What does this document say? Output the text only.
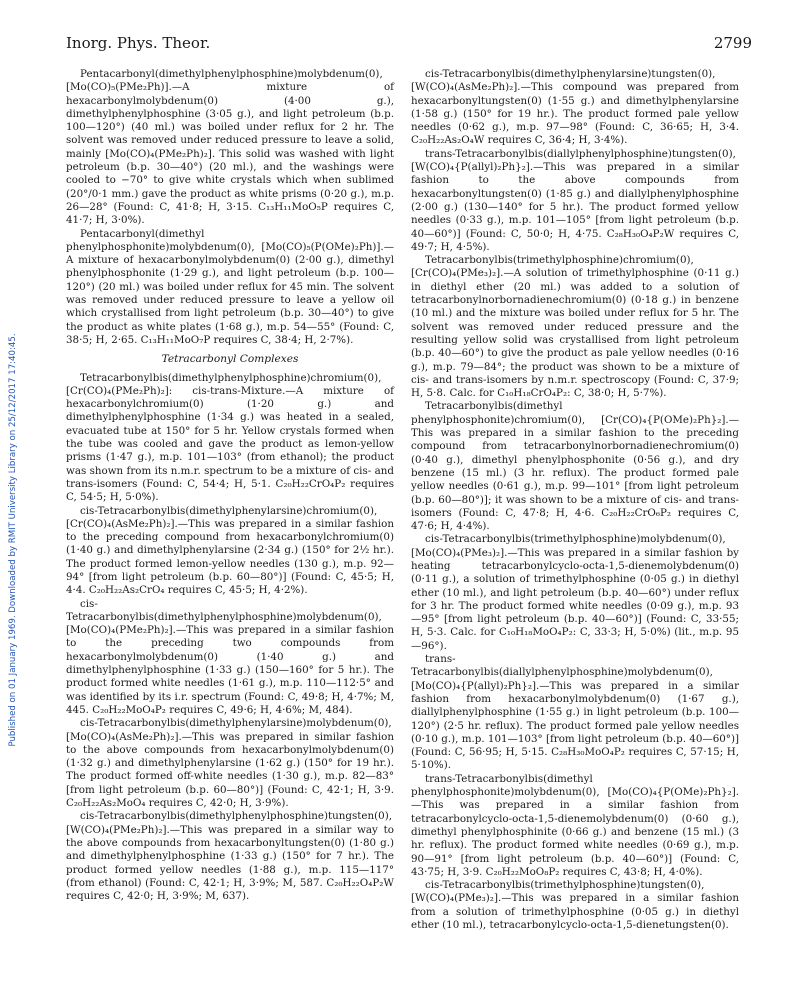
Inorg. Phys. Theor.	2799
Published on 01 January 1969. Downloaded by RMIT University Library on 25/12/2017 17:40:45.

Pentacarbonyl(dimethylphenylphosphine)molybdenum(0), [Mo(CO)₅(PMe₂Ph)].—A mixture of hexacarbonylmolybdenum(0) (4·00 g.), dimethylphenylphosphine (3·05 g.), and light petroleum (b.p. 100—120°) (40 ml.) was boiled under reflux for 2 hr. The solvent was removed under reduced pressure to leave a solid, mainly [Mo(CO)₄(PMe₂Ph)₂]. This solid was washed with light petroleum (b.p. 30—40°) (20 ml.), and the washings were cooled to −70° to give white crystals which when sublimed (20°/0·1 mm.) gave the product as white prisms (0·20 g.), m.p. 26—28° (Found: C, 41·8; H, 3·15. C₁₃H₁₁MoO₅P requires C, 41·7; H, 3·0%).

Pentacarbonyl(dimethyl phenylphosphonite)molybdenum(0), [Mo(CO)₅(P(OMe)₂Ph)].—A mixture of hexacarbonylmolybdenum(0) (2·00 g.), dimethyl phenylphosphonite (1·29 g.), and light petroleum (b.p. 100—120°) (20 ml.) was boiled under reflux for 45 min. The solvent was removed under reduced pressure to leave a yellow oil which crystallised from light petroleum (b.p. 30—40°) to give the product as white plates (1·68 g.), m.p. 54—55° (Found: C, 38·5; H, 2·65. C₁₃H₁₁MoO₇P requires C, 38·4; H, 2·7%).

Tetracarbonyl Complexes

Tetracarbonylbis(dimethylphenylphosphine)chromium(0), [Cr(CO)₄(PMe₂Ph)₂]: cis-trans-Mixture.—A mixture of hexacarbonylchromium(0) (1·20 g.) and dimethylphenylphosphine (1·34 g.) was heated in a sealed, evacuated tube at 150° for 5 hr. Yellow crystals formed when the tube was cooled and gave the product as lemon-yellow prisms (1·47 g.), m.p. 101—103° (from ethanol); the product was shown from its n.m.r. spectrum to be a mixture of cis- and trans-isomers (Found: C, 54·4; H, 5·1. C₂₀H₂₂CrO₄P₂ requires C, 54·5; H, 5·0%).

cis-Tetracarbonylbis(dimethylphenylarsine)chromium(0), [Cr(CO)₄(AsMe₂Ph)₂].—This was prepared in a similar fashion to the preceding compound from hexacarbonylchromium(0) (1·40 g.) and dimethylphenylarsine (2·34 g.) (150° for 2½ hr.). The product formed lemon-yellow needles (130 g.), m.p. 92—94° [from light petroleum (b.p. 60—80°)] (Found: C, 45·5; H, 4·4. C₂₀H₂₂As₂CrO₄ requires C, 45·5; H, 4·2%).

cis-Tetracarbonylbis(dimethylphenylphosphine)molybdenum(0), [Mo(CO)₄(PMe₂Ph)₂].—This was prepared in a similar fashion to the preceding two compounds from hexacarbonylmolybdenum(0) (1·40 g.) and dimethylphenylphosphine (1·33 g.) (150—160° for 5 hr.). The product formed white needles (1·61 g.), m.p. 110—112·5° and was identified by its i.r. spectrum (Found: C, 49·8; H, 4·7%; M, 445. C₂₀H₂₂MoO₄P₂ requires C, 49·6; H, 4·6%; M, 484).

cis-Tetracarbonylbis(dimethylphenylarsine)molybdenum(0), [Mo(CO)₄(AsMe₂Ph)₂].—This was prepared in similar fashion to the above compounds from hexacarbonylmolybdenum(0) (1·32 g.) and dimethylphenylarsine (1·62 g.) (150° for 19 hr.). The product formed off-white needles (1·30 g.), m.p. 82—83° [from light petroleum (b.p. 60—80°)] (Found: C, 42·1; H, 3·9. C₂₀H₂₂As₂MoO₄ requires C, 42·0; H, 3·9%).

cis-Tetracarbonylbis(dimethylphenylphosphine)tungsten(0), [W(CO)₄(PMe₂Ph)₂].—This was prepared in a similar way to the above compounds from hexacarbonyltungsten(0) (1·80 g.) and dimethylphenylphosphine (1·33 g.) (150° for 7 hr.). The product formed yellow needles (1·88 g.), m.p. 115—117° (from ethanol) (Found: C, 42·1; H, 3·9%; M, 587. C₂₀H₂₂O₄P₂W requires C, 42·0; H, 3·9%; M, 637).

cis-Tetracarbonylbis(dimethylphenylarsine)tungsten(0), [W(CO)₄(AsMe₂Ph)₂].—This compound was prepared from hexacarbonyltungsten(0) (1·55 g.) and dimethylphenylarsine (1·58 g.) (150° for 19 hr.). The product formed pale yellow needles (0·62 g.), m.p. 97—98° (Found: C, 36·65; H, 3·4. C₂₀H₂₂As₂O₄W requires C, 36·4; H, 3·4%).

trans-Tetracarbonylbis(diallylphenylphosphine)tungsten(0), [W(CO)₄{P(allyl)₂Ph}₂].—This was prepared in a similar fashion to the above compounds from hexacarbonyltungsten(0) (1·85 g.) and diallylphenylphosphine (2·00 g.) (130—140° for 5 hr.). The product formed yellow needles (0·33 g.), m.p. 101—105° [from light petroleum (b.p. 40—60°)] (Found: C, 50·0; H, 4·75. C₂₈H₃₀O₄P₂W requires C, 49·7; H, 4·5%).

Tetracarbonylbis(trimethylphosphine)chromium(0), [Cr(CO)₄(PMe₃)₂].—A solution of trimethylphosphine (0·11 g.) in diethyl ether (20 ml.) was added to a solution of tetracarbonylnorbornadienechromium(0) (0·18 g.) in benzene (10 ml.) and the mixture was boiled under reflux for 5 hr. The solvent was removed under reduced pressure and the resulting yellow solid was crystallised from light petroleum (b.p. 40—60°) to give the product as pale yellow needles (0·16 g.), m.p. 79—84°; the product was shown to be a mixture of cis- and trans-isomers by n.m.r. spectroscopy (Found: C, 37·9; H, 5·8. Calc. for C₁₀H₁₈CrO₄P₂: C, 38·0; H, 5·7%).

Tetracarbonylbis(dimethyl phenylphosphonite)chromium(0), [Cr(CO)₄{P(OMe)₂Ph}₂].—This was prepared in a similar fashion to the preceding compound from tetracarbonylnorbornadienechromium(0) (0·40 g.), dimethyl phenylphosphonite (0·56 g.), and dry benzene (15 ml.) (3 hr. reflux). The product formed pale yellow needles (0·61 g.), m.p. 99—101° [from light petroleum (b.p. 60—80°)]; it was shown to be a mixture of cis- and trans-isomers (Found: C, 47·8; H, 4·6. C₂₀H₂₂CrO₆P₂ requires C, 47·6; H, 4·4%).

cis-Tetracarbonylbis(trimethylphosphine)molybdenum(0), [Mo(CO)₄(PMe₃)₂].—This was prepared in a similar fashion by heating tetracarbonylcyclo-octa-1,5-dienemolybdenum(0) (0·11 g.), a solution of trimethylphosphine (0·05 g.) in diethyl ether (10 ml.), and light petroleum (b.p. 40—60°) under reflux for 3 hr. The product formed white needles (0·09 g.), m.p. 93—95° [from light petroleum (b.p. 40—60°)] (Found: C, 33·55; H, 5·3. Calc. for C₁₀H₁₈MoO₄P₂: C, 33·3; H, 5·0%) (lit., m.p. 95—96°).

trans-Tetracarbonylbis(diallylphenylphosphine)molybdenum(0), [Mo(CO)₄{P(allyl)₂Ph}₂].—This was prepared in a similar fashion from hexacarbonylmolybdenum(0) (1·67 g.), diallylphenylphosphine (1·55 g.) in light petroleum (b.p. 100—120°) (2·5 hr. reflux). The product formed pale yellow needles (0·10 g.), m.p. 101—103° [from light petroleum (b.p. 40—60°)] (Found: C, 56·95; H, 5·15. C₂₈H₃₀MoO₄P₂ requires C, 57·15; H, 5·10%).

trans-Tetracarbonylbis(dimethyl phenylphosphonite)molybdenum(0), [Mo(CO)₄{P(OMe)₂Ph}₂].—This was prepared in a similar fashion from tetracarbonylcyclo-octa-1,5-dienemolybdenum(0) (0·60 g.), dimethyl phenylphosphinite (0·66 g.) and benzene (15 ml.) (3 hr. reflux). The product formed white needles (0·69 g.), m.p. 90—91° [from light petroleum (b.p. 40—60°)] (Found: C, 43·75; H, 3·9. C₂₀H₂₂MoO₈P₂ requires C, 43·8; H, 4·0%).

cis-Tetracarbonylbis(trimethylphosphine)tungsten(0), [W(CO)₄(PMe₃)₂].—This was prepared in a similar fashion from a solution of trimethylphosphine (0·05 g.) in diethyl ether (10 ml.), tetracarbonylcyclo-octa-1,5-dienetungsten(0).
